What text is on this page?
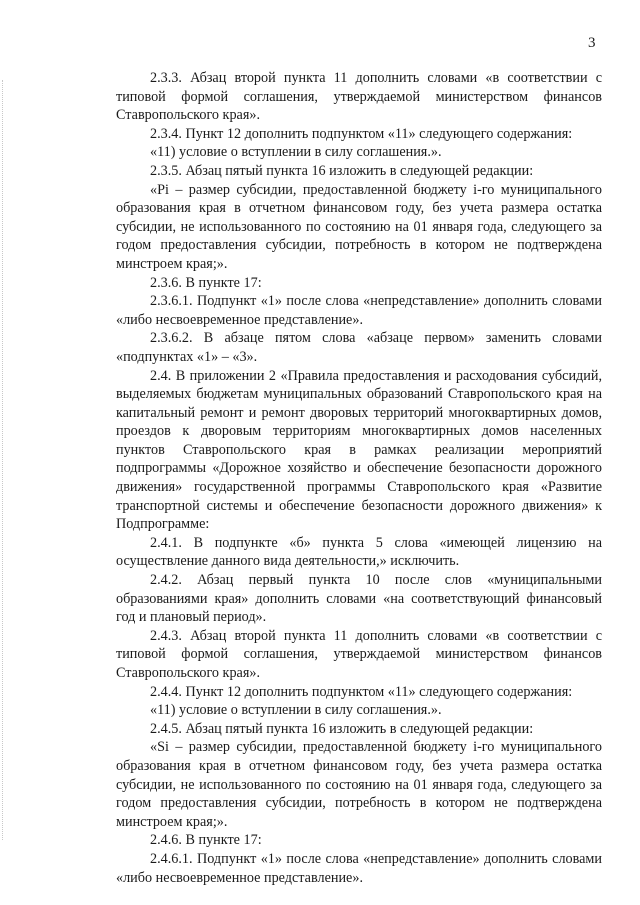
3

2.3.3. Абзац второй пункта 11 дополнить словами «в соответствии с типовой формой соглашения, утверждаемой министерством финансов Ставропольского края».

2.3.4. Пункт 12 дополнить подпунктом «11» следующего содержания:

«11) условие о вступлении в силу соглашения.».

2.3.5. Абзац пятый пункта 16 изложить в следующей редакции:

«Pi – размер субсидии, предоставленной бюджету i-го муниципального образования края в отчетном финансовом году, без учета размера остатка субсидии, не использованного по состоянию на 01 января года, следующего за годом предоставления субсидии, потребность в котором не подтверждена минстроем края;».

2.3.6. В пункте 17:

2.3.6.1. Подпункт «1» после слова «непредставление» дополнить словами «либо несвоевременное представление».

2.3.6.2. В абзаце пятом слова «абзаце первом» заменить словами «подпунктах «1» – «3».

2.4. В приложении 2 «Правила предоставления и расходования субсидий, выделяемых бюджетам муниципальных образований Ставропольского края на капитальный ремонт и ремонт дворовых территорий многоквартирных домов, проездов к дворовым территориям многоквартирных домов населенных пунктов Ставропольского края в рамках реализации мероприятий подпрограммы «Дорожное хозяйство и обеспечение безопасности дорожного движения» государственной программы Ставропольского края «Развитие транспортной системы и обеспечение безопасности дорожного движения» к Подпрограмме:

2.4.1. В подпункте «б» пункта 5 слова «имеющей лицензию на осуществление данного вида деятельности,» исключить.

2.4.2. Абзац первый пункта 10 после слов «муниципальными образованиями края» дополнить словами «на соответствующий финансовый год и плановый период».

2.4.3. Абзац второй пункта 11 дополнить словами «в соответствии с типовой формой соглашения, утверждаемой министерством финансов Ставропольского края».

2.4.4. Пункт 12 дополнить подпунктом «11» следующего содержания:

«11) условие о вступлении в силу соглашения.».

2.4.5. Абзац пятый пункта 16 изложить в следующей редакции:

«Si – размер субсидии, предоставленной бюджету i-го муниципального образования края в отчетном финансовом году, без учета размера остатка субсидии, не использованного по состоянию на 01 января года, следующего за годом предоставления субсидии, потребность в котором не подтверждена минстроем края;».

2.4.6. В пункте 17:

2.4.6.1. Подпункт «1» после слова «непредставление» дополнить словами «либо несвоевременное представление».
